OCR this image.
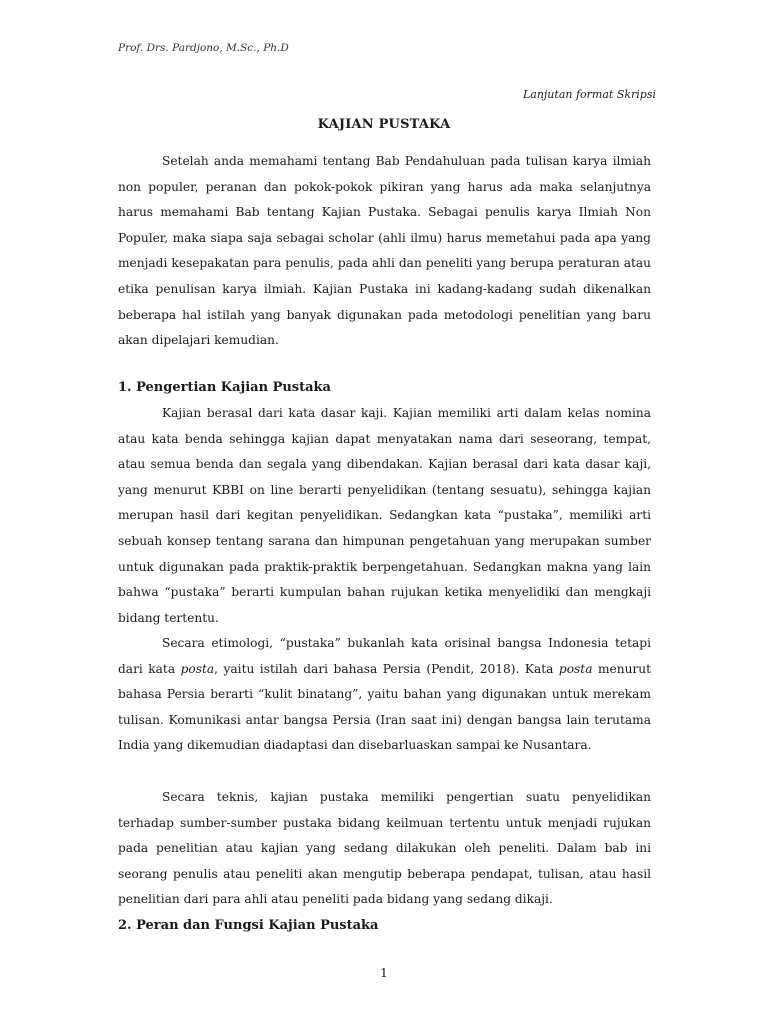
Prof. Drs. Pardjono, M.Sc., Ph.D
Lanjutan format Skripsi
KAJIAN PUSTAKA

Setelah anda memahami tentang Bab Pendahuluan pada tulisan karya ilmiah non populer, peranan dan pokok-pokok pikiran yang harus ada maka selanjutnya harus memahami Bab tentang Kajian Pustaka. Sebagai penulis karya Ilmiah Non Populer, maka siapa saja sebagai scholar (ahli ilmu) harus memetahui pada apa yang menjadi kesepakatan para penulis, pada ahli dan peneliti yang berupa peraturan atau etika penulisan karya ilmiah. Kajian Pustaka ini kadang-kadang sudah dikenalkan beberapa hal istilah yang banyak digunakan pada metodologi penelitian yang baru akan dipelajari kemudian.

1. Pengertian Kajian Pustaka

Kajian berasal dari kata dasar kaji. Kajian memiliki arti dalam kelas nomina atau kata benda sehingga kajian dapat menyatakan nama dari seseorang, tempat, atau semua benda dan segala yang dibendakan. Kajian berasal dari kata dasar kaji, yang menurut KBBI on line berarti penyelidikan (tentang sesuatu), sehingga kajian merupan hasil dari kegitan penyelidikan. Sedangkan kata “pustaka”, memiliki arti sebuah konsep tentang sarana dan himpunan pengetahuan yang merupakan sumber untuk digunakan pada praktik-praktik berpengetahuan. Sedangkan makna yang lain bahwa “pustaka” berarti kumpulan bahan rujukan ketika menyelidiki dan mengkaji bidang tertentu.

Secara etimologi, “pustaka” bukanlah kata orisinal bangsa Indonesia tetapi dari kata posta, yaitu istilah dari bahasa Persia (Pendit, 2018). Kata posta menurut bahasa Persia berarti “kulit binatang”, yaitu bahan yang digunakan untuk merekam tulisan. Komunikasi antar bangsa Persia (Iran saat ini) dengan bangsa lain terutama India yang dikemudian diadaptasi dan disebarluaskan sampai ke Nusantara.

Secara teknis, kajian pustaka memiliki pengertian suatu penyelidikan terhadap sumber-sumber pustaka bidang keilmuan tertentu untuk menjadi rujukan pada penelitian atau kajian yang sedang dilakukan oleh peneliti. Dalam bab ini seorang penulis atau peneliti akan mengutip beberapa pendapat, tulisan, atau hasil penelitian dari para ahli atau peneliti pada bidang yang sedang dikaji.

2. Peran dan Fungsi Kajian Pustaka
1
